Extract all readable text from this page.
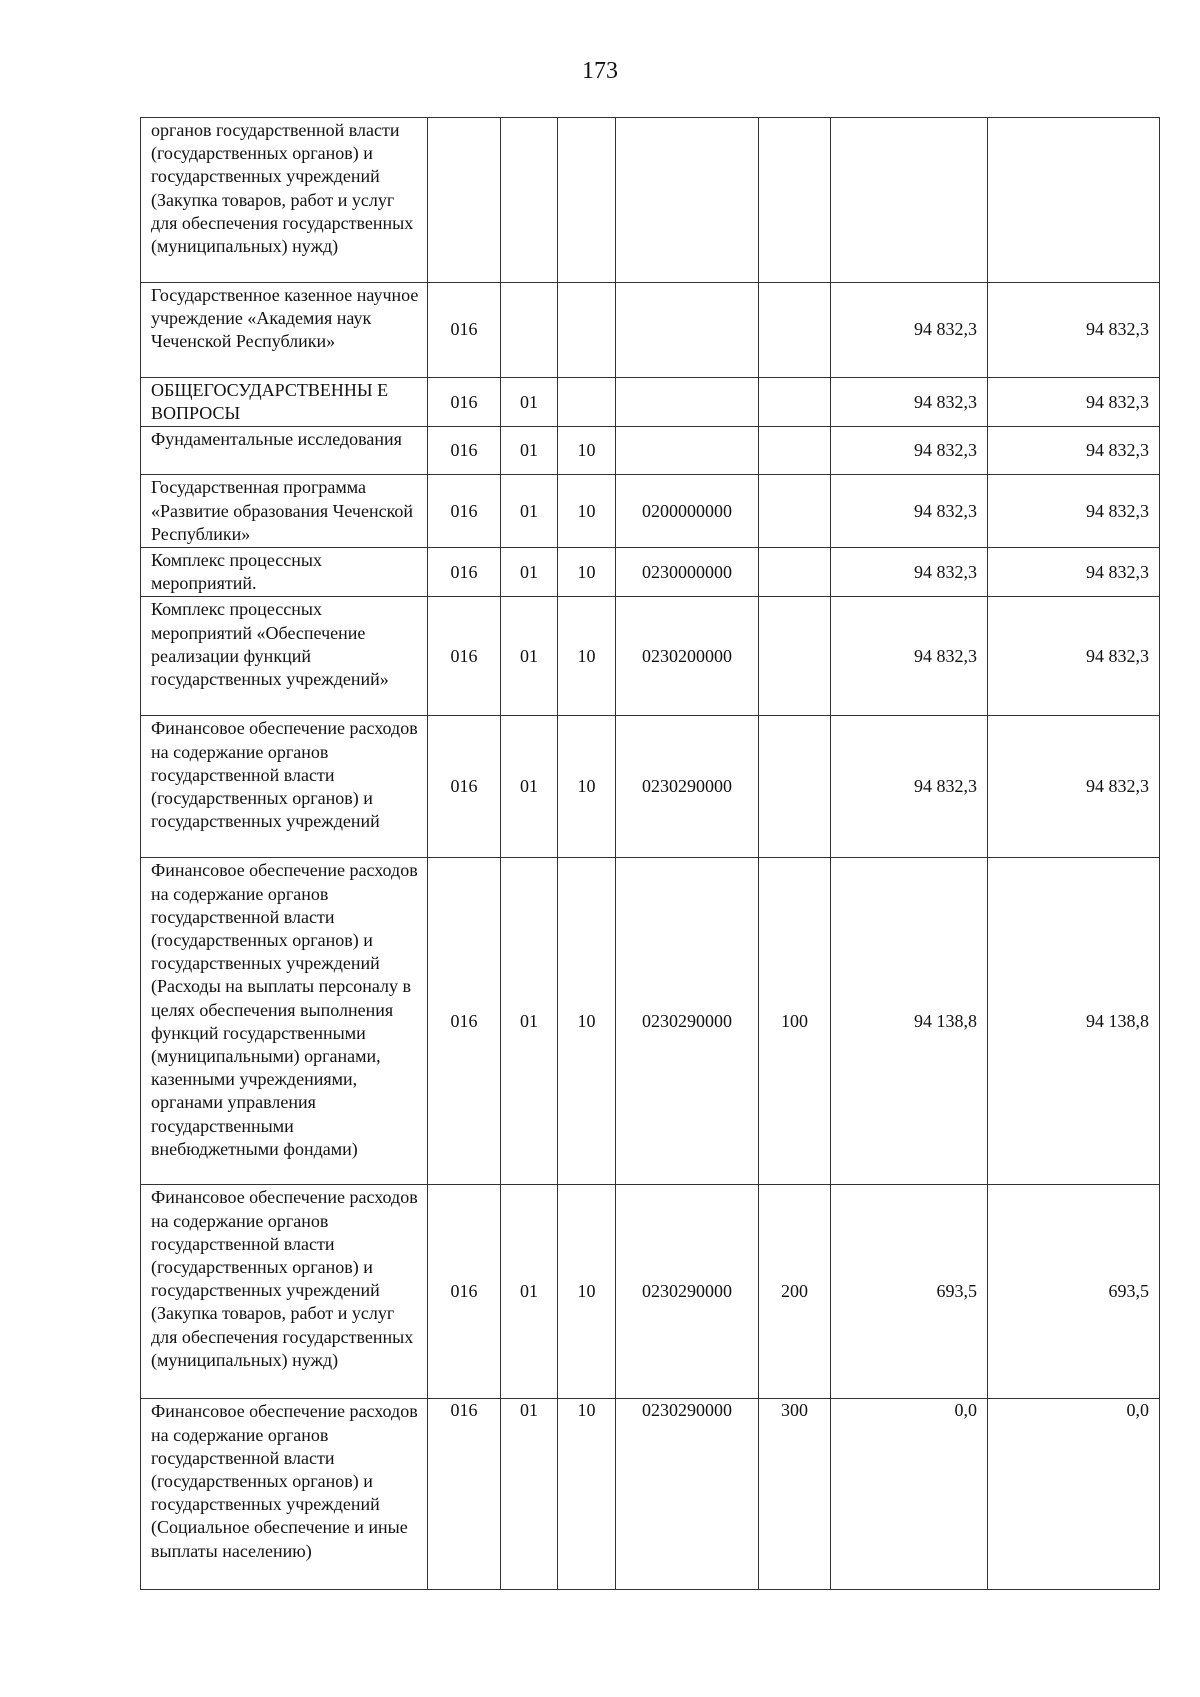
173
органов государственной власти (государственных органов) и государственных учреждений (Закупка товаров, работ и услуг для обеспечения государственных (муниципальных) нужд)							
Государственное казенное научное учреждение «Академия наук Чеченской Республики»	016					94 832,3	94 832,3
ОБЩЕГОСУДАРСТВЕННЫ Е ВОПРОСЫ	016	01				94 832,3	94 832,3
Фундаментальные исследования	016	01	10			94 832,3	94 832,3
Государственная программа «Развитие образования Чеченской Республики»	016	01	10	0200000000		94 832,3	94 832,3
Комплекс процессных мероприятий.	016	01	10	0230000000		94 832,3	94 832,3
Комплекс процессных мероприятий «Обеспечение реализации функций государственных учреждений»	016	01	10	0230200000		94 832,3	94 832,3
Финансовое обеспечение расходов на содержание органов государственной власти (государственных органов) и государственных учреждений	016	01	10	0230290000		94 832,3	94 832,3
Финансовое обеспечение расходов на содержание органов государственной власти (государственных органов) и государственных учреждений (Расходы на выплаты персоналу в целях обеспечения выполнения функций государственными (муниципальными) органами, казенными учреждениями, органами управления государственными внебюджетными фондами)	016	01	10	0230290000	100	94 138,8	94 138,8
Финансовое обеспечение расходов на содержание органов государственной власти (государственных органов) и государственных учреждений (Закупка товаров, работ и услуг для обеспечения государственных (муниципальных) нужд)	016	01	10	0230290000	200	693,5	693,5
Финансовое обеспечение расходов на содержание органов государственной власти (государственных органов) и государственных учреждений (Социальное обеспечение и иные выплаты населению)	016	01	10	0230290000	300	0,0	0,0
